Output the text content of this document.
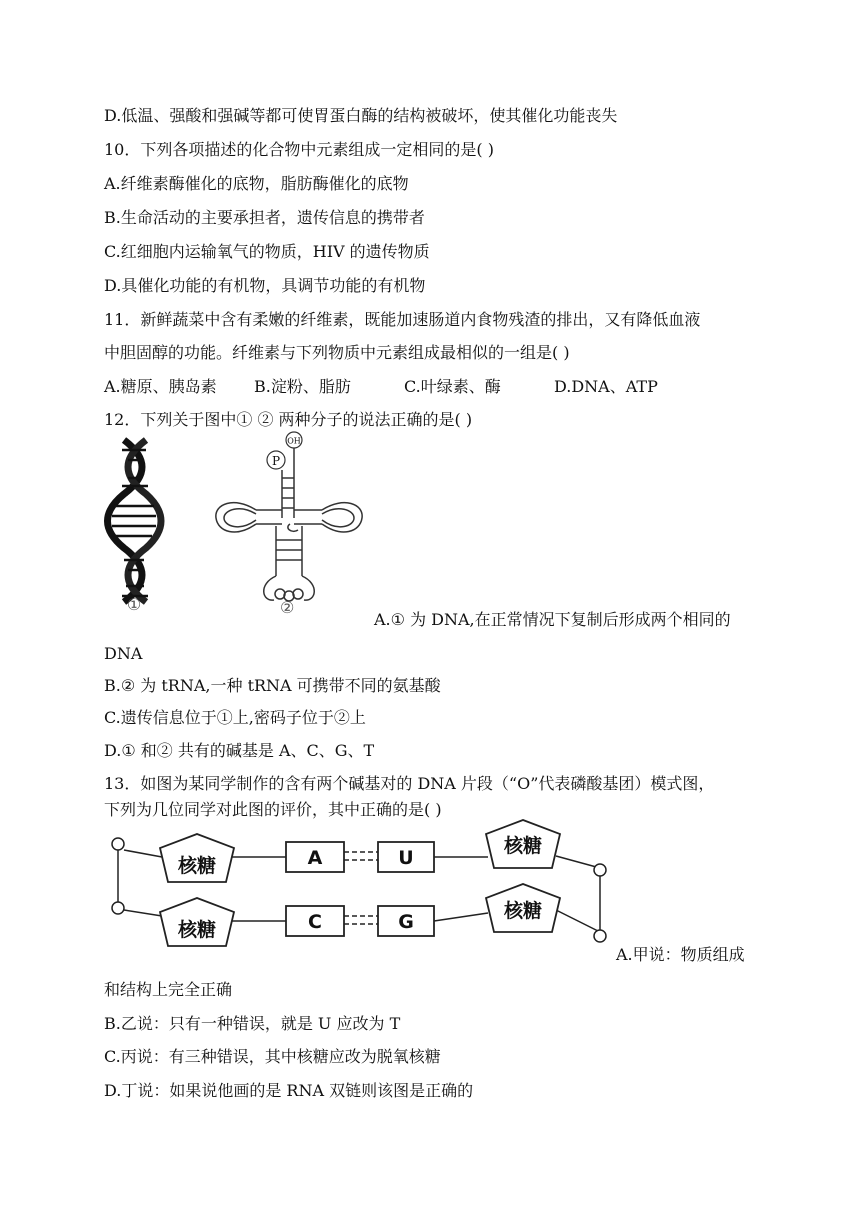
D.低温、强酸和强碱等都可使胃蛋白酶的结构被破坏，使其催化功能丧失
10．下列各项描述的化合物中元素组成一定相同的是( )
A.纤维素酶催化的底物，脂肪酶催化的底物
B.生命活动的主要承担者，遗传信息的携带者
C.红细胞内运输氧气的物质，HIV 的遗传物质
D.具催化功能的有机物，具调节功能的有机物
11．新鲜蔬菜中含有柔嫩的纤维素，既能加速肠道内食物残渣的排出，又有降低血液
中胆固醇的功能。纤维素与下列物质中元素组成最相似的一组是( )
A.糖原、胰岛素 B.淀粉、脂肪	C.叶绿素、酶	D.DNA、ATP
12．下列关于图中① ② 两种分子的说法正确的是( )
①
OH
P
②
A.① 为 DNA,在正常情况下复制后形成两个相同的
DNA
B.② 为 tRNA,一种 tRNA 可携带不同的氨基酸
C.遗传信息位于①上,密码子位于②上
D.① 和② 共有的碱基是 A、C、G、T
13．如图为某同学制作的含有两个碱基对的 DNA 片段（“O”代表磷酸基团）模式图，
下列为几位同学对此图的评价，其中正确的是( )
核糖
核糖
核糖
核糖
A	U
C	G
A.甲说：物质组成
和结构上完全正确
B.乙说：只有一种错误，就是 U 应改为 T
C.丙说：有三种错误，其中核糖应改为脱氧核糖
D.丁说：如果说他画的是 RNA 双链则该图是正确的
